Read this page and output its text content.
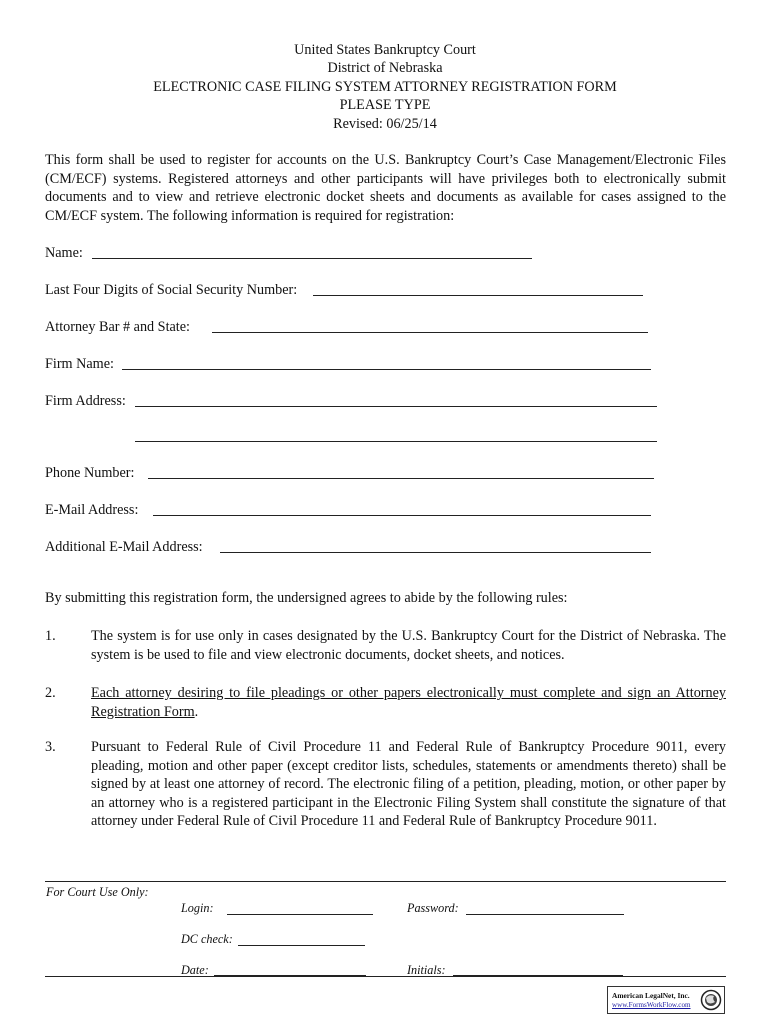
United States Bankruptcy Court
District of Nebraska
ELECTRONIC CASE FILING SYSTEM ATTORNEY REGISTRATION FORM
PLEASE TYPE
Revised: 06/25/14
This form shall be used to register for accounts on the U.S. Bankruptcy Court’s Case Management/Electronic Files (CM/ECF) systems. Registered attorneys and other participants will have privileges both to electronically submit documents and to view and retrieve electronic docket sheets and documents as available for cases assigned to the CM/ECF system. The following information is required for registration:
Name:
Last Four Digits of Social Security Number:
Attorney Bar # and State:
Firm Name:
Firm Address:
Phone Number:
E-Mail Address:
Additional E-Mail Address:
By submitting this registration form, the undersigned agrees to abide by the following rules:
1. The system is for use only in cases designated by the U.S. Bankruptcy Court for the District of Nebraska. The system is be used to file and view electronic documents, docket sheets, and notices.
2. Each attorney desiring to file pleadings or other papers electronically must complete and sign an Attorney Registration Form.
3. Pursuant to Federal Rule of Civil Procedure 11 and Federal Rule of Bankruptcy Procedure 9011, every pleading, motion and other paper (except creditor lists, schedules, statements or amendments thereto) shall be signed by at least one attorney of record. The electronic filing of a petition, pleading, motion, or other paper by an attorney who is a registered participant in the Electronic Filing System shall constitute the signature of that attorney under Federal Rule of Civil Procedure 11 and Federal Rule of Bankruptcy Procedure 9011.
For Court Use Only:
Login:	Password:
DC check:
Date:	Initials:
American LegalNet, Inc.
www.FormsWorkFlow.com
